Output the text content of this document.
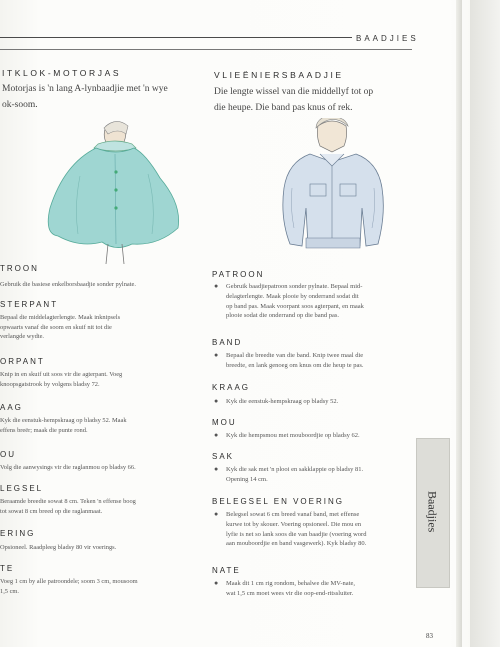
BAADJIES
ITKLOK-MOTORJAS
Motorjas is 'n lang A-lynbaadjie met 'n wye
ok-soom.
VLIEËNIERSBAADJIE
Die lengte wissel van die middellyf tot op
die heupe. Die band pas knus of rek.
TROON
Gebruik die basiese enkelborsbaadjie sonder pylnate.
STERPANT
Bepaal die middelagterlengte. Maak inknipsels
opwaarts vanaf die soom en skuif nit tot die
verlangde wydte.
ORPANT
Knip in en skuif uit soos vir die agterpant. Voeg
knoopsgatstrook by volgens bladsy 72.
AAG
Kyk die eenstuk-hempskraag op bladsy 52. Maak
effens breër; maak die punte rond.
OU
Volg die aanwysings vir die raglanmou op bladsy 66.
LEGSEL
Beraamde breedte sowat 8 cm. Teken 'n effense boog
tot sowat 8 cm breed op die raglanmaat.
ERING
Opsioneel. Raadpleeg bladsy 80 vir voerings.
TE
Voeg 1 cm by alle patroondele; soom 3 cm, mousoom
1,5 cm.
PATROON
● Gebruik baadjiepatroon sonder pylnate. Bepaal mid-
delagterlengte. Maak plooie by onderrand sodat dit
op band pas. Maak voorpant soos agterpant, en maak
plooie sodat die onderrand op die band pas.
BAND
● Bepaal die breedte van die band. Knip twee maal die
breedte, en lank genoeg om knus om die heup te pas.
KRAAG
● Kyk die eenstuk-hempskraag op bladsy 52.
MOU
● Kyk die hempsmou met mouboordjie op bladsy 62.
SAK
● Kyk die sak met 'n plooi en sakklappie op bladsy 81.
Opening 14 cm.
BELEGSEL EN VOERING
● Belegsel sowat 6 cm breed vanaf band, met effense
kurwe tot by skouer. Voering opsioneel. Die mou en
lyfie is net so lank soos die van baadjie (voering word
aan mouboordjie en band vasgewerk). Kyk bladsy 80.
NATE
● Maak dit 1 cm rig rondom, behalwe die MV-nate,
wat 1,5 cm moet wees vir die oop-end-ritssluiter.
Baadjies
83
